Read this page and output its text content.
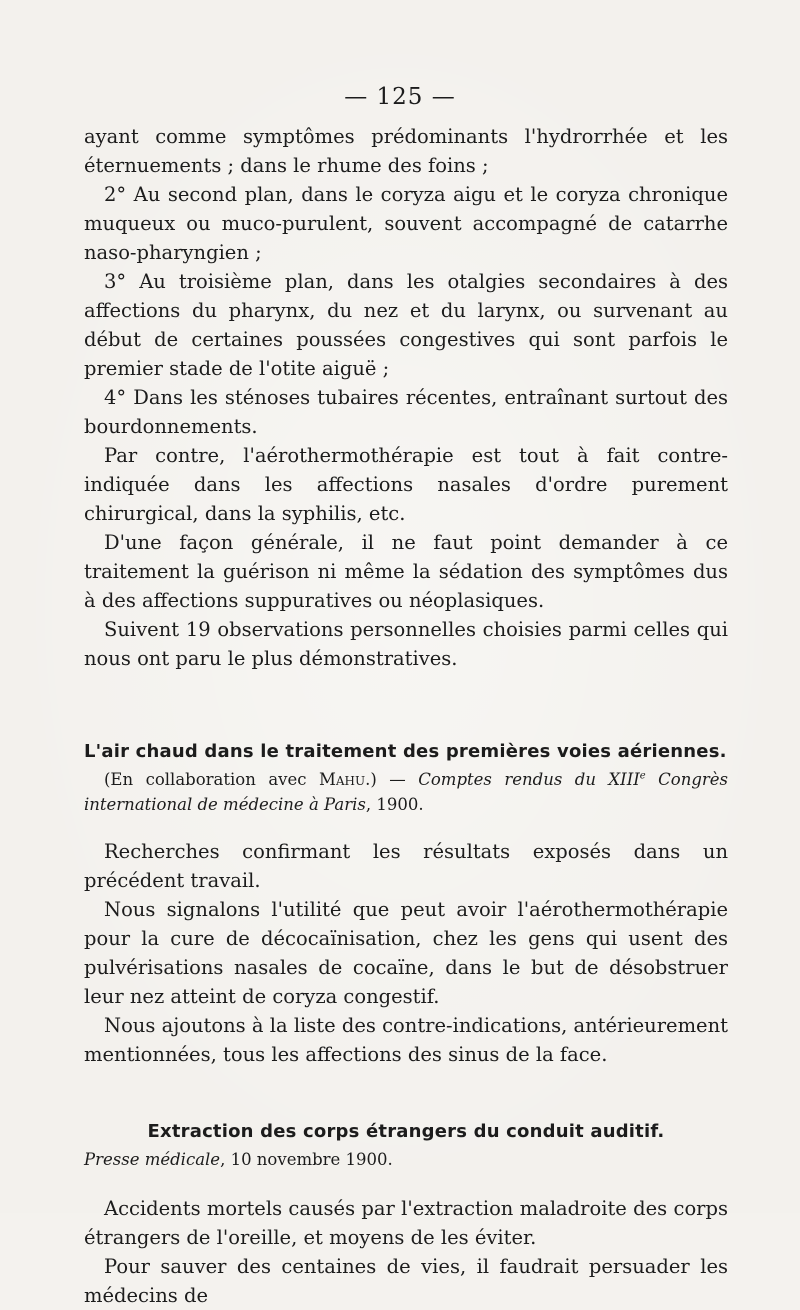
— 125 —

ayant comme symptômes prédominants l'hydrorrhée et les éternuements ; dans le rhume des foins ;

2° Au second plan, dans le coryza aigu et le coryza chronique muqueux ou muco-purulent, souvent accompagné de catarrhe naso-pharyngien ;

3° Au troisième plan, dans les otalgies secondaires à des affections du pharynx, du nez et du larynx, ou survenant au début de certaines poussées congestives qui sont parfois le premier stade de l'otite aiguë ;

4° Dans les sténoses tubaires récentes, entraînant surtout des bourdonnements.

Par contre, l'aérothermothérapie est tout à fait contre-indiquée dans les affections nasales d'ordre purement chirurgical, dans la syphilis, etc.

D'une façon générale, il ne faut point demander à ce traitement la guérison ni même la sédation des symptômes dus à des affections suppuratives ou néoplasiques.

Suivent 19 observations personnelles choisies parmi celles qui nous ont paru le plus démonstratives.

L'air chaud dans le traitement des premières voies aériennes.

(En collaboration avec Mahu.) — Comptes rendus du XIIIe Congrès international de médecine à Paris, 1900.

Recherches confirmant les résultats exposés dans un précédent travail.

Nous signalons l'utilité que peut avoir l'aérothermothérapie pour la cure de décocaïnisation, chez les gens qui usent des pulvérisations nasales de cocaïne, dans le but de désobstruer leur nez atteint de coryza congestif.

Nous ajoutons à la liste des contre-indications, antérieurement mentionnées, tous les affections des sinus de la face.

Extraction des corps étrangers du conduit auditif.

Presse médicale, 10 novembre 1900.

Accidents mortels causés par l'extraction maladroite des corps étrangers de l'oreille, et moyens de les éviter.

Pour sauver des centaines de vies, il faudrait persuader les médecins de
